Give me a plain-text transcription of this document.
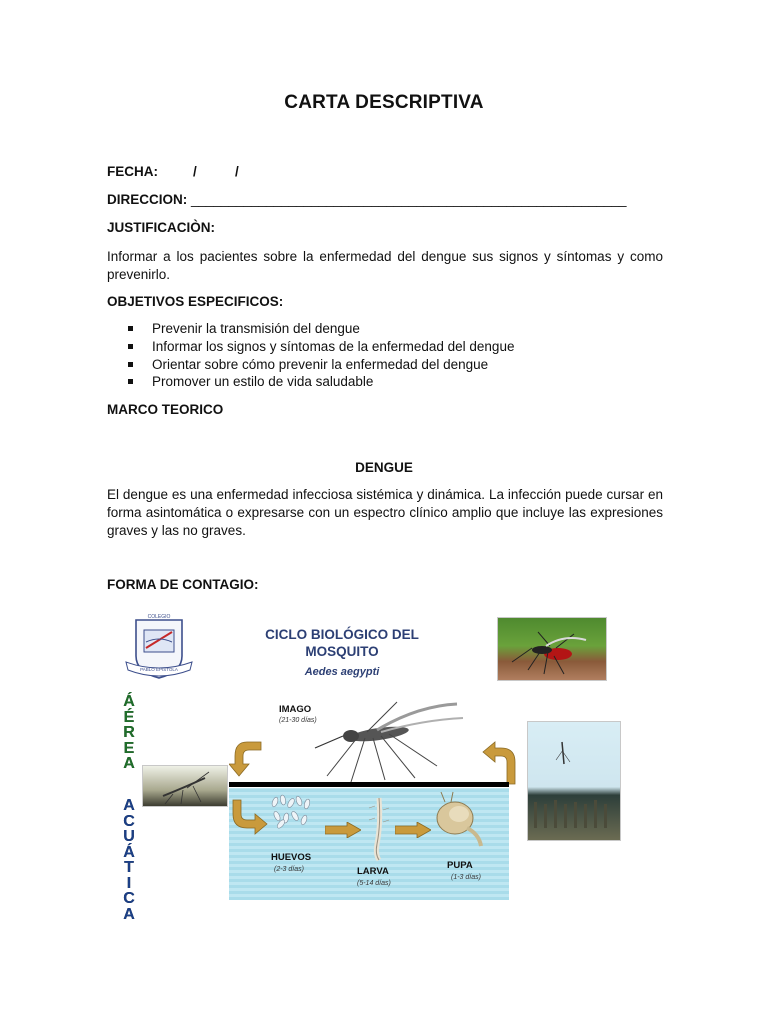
CARTA DESCRIPTIVA
FECHA:	/	/
DIRECCION: __________________________________________________________
JUSTIFICACIÒN:
Informar a los pacientes sobre la enfermedad del dengue sus signos y síntomas y como prevenirlo.
OBJETIVOS ESPECIFICOS:
Prevenir la transmisión del dengue
Informar los signos y síntomas de la enfermedad del dengue
Orientar sobre cómo prevenir la enfermedad del dengue
Promover un estilo de vida saludable
MARCO TEORICO
DENGUE
El dengue es una enfermedad infecciosa sistémica y dinámica. La infección puede cursar en forma asintomática o expresarse con un espectro clínico amplio que incluye las expresiones graves y las no graves.
FORMA DE CONTAGIO:
COLEGIO
PABLO EPISTOLA
CICLO BIOLÓGICO DEL MOSQUITO
Aedes aegypti
Á
É
R
E
A
A
C
U
Á
T
I
C
A
IMAGO
(21-30 días)
HUEVOS
(2-3 días)	LARVA
(5-14 días)
PUPA
(1-3 días)
